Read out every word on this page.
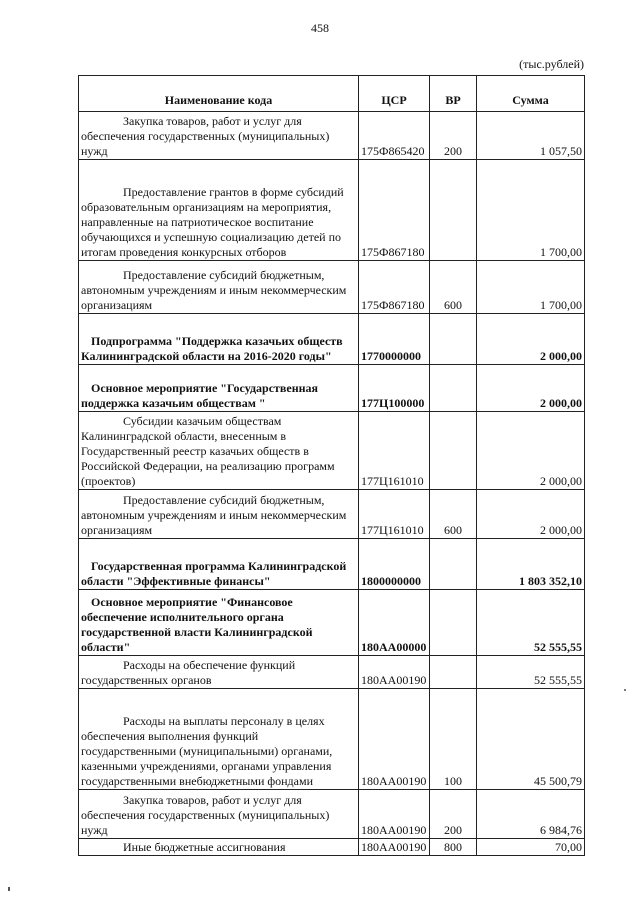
458
(тыс.рублей)
Наименование кода	ЦСР	ВР	Сумма
Закупка товаров, работ и услуг для обеспечения государственных (муниципальных) нужд	175Ф865420	200	1 057,50
Предоставление грантов в форме субсидий образовательным организациям на мероприятия, направленные на патриотическое воспитание обучающихся и успешную социализацию детей по итогам проведения конкурсных отборов	175Ф867180		1 700,00
Предоставление субсидий бюджетным, автономным учреждениям и иным некоммерческим организациям	175Ф867180	600	1 700,00
Подпрограмма "Поддержка казачьих обществ Калининградской области на 2016-2020 годы"	1770000000		2 000,00
Основное мероприятие "Государственная поддержка казачьим обществам "	177Ц100000		2 000,00
Субсидии казачьим обществам Калининградской области, внесенным в Государственный реестр казачьих обществ в Российской Федерации, на реализацию программ (проектов)	177Ц161010		2 000,00
Предоставление субсидий бюджетным, автономным учреждениям и иным некоммерческим организациям	177Ц161010	600	2 000,00
Государственная программа Калининградской области "Эффективные финансы"	1800000000		1 803 352,10
Основное мероприятие "Финансовое обеспечение исполнительного органа государственной власти Калининградской области"	180АА00000		52 555,55
Расходы на обеспечение функций государственных органов	180АА00190		52 555,55
Расходы на выплаты персоналу в целях обеспечения выполнения функций государственными (муниципальными) органами, казенными учреждениями, органами управления государственными внебюджетными фондами	180АА00190	100	45 500,79
Закупка товаров, работ и услуг для обеспечения государственных (муниципальных) нужд	180АА00190	200	6 984,76
Иные бюджетные ассигнования	180АА00190	800	70,00
